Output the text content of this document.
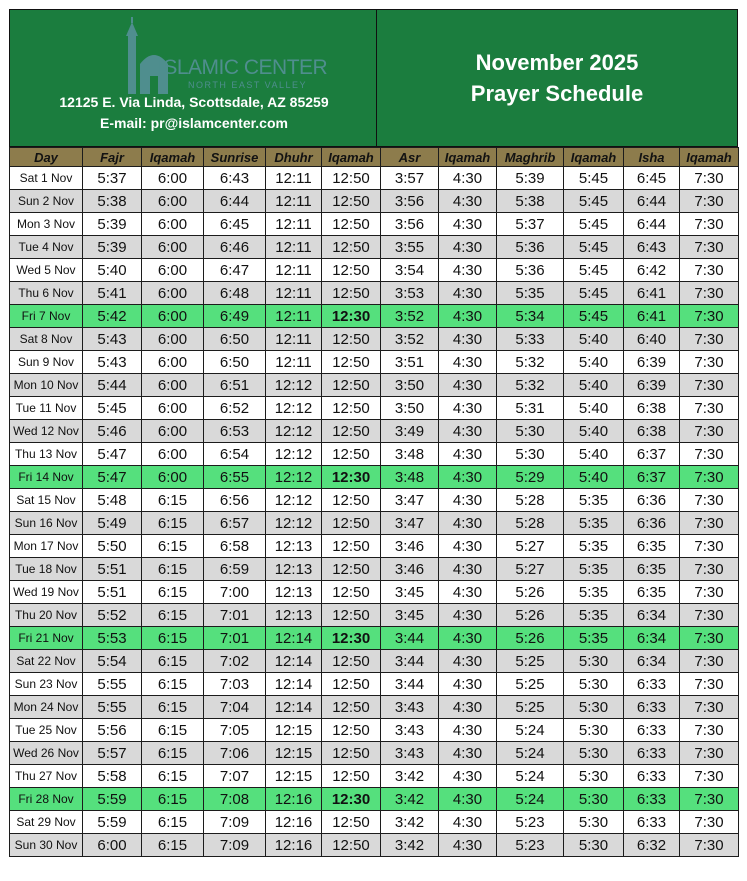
ISLAMIC CENTER
NORTH EAST VALLEY
12125 E. Via Linda, Scottsdale, AZ 85259
E-mail: pr@islamcenter.com
November 2025
Prayer Schedule
Day	Fajr	Iqamah	Sunrise	Dhuhr	Iqamah	Asr	Iqamah	Maghrib	Iqamah	Isha	Iqamah
Sat 1 Nov	5:37	6:00	6:43	12:11	12:50	3:57	4:30	5:39	5:45	6:45	7:30
Sun 2 Nov	5:38	6:00	6:44	12:11	12:50	3:56	4:30	5:38	5:45	6:44	7:30
Mon 3 Nov	5:39	6:00	6:45	12:11	12:50	3:56	4:30	5:37	5:45	6:44	7:30
Tue 4 Nov	5:39	6:00	6:46	12:11	12:50	3:55	4:30	5:36	5:45	6:43	7:30
Wed 5 Nov	5:40	6:00	6:47	12:11	12:50	3:54	4:30	5:36	5:45	6:42	7:30
Thu 6 Nov	5:41	6:00	6:48	12:11	12:50	3:53	4:30	5:35	5:45	6:41	7:30
Fri 7 Nov	5:42	6:00	6:49	12:11	12:30	3:52	4:30	5:34	5:45	6:41	7:30
Sat 8 Nov	5:43	6:00	6:50	12:11	12:50	3:52	4:30	5:33	5:40	6:40	7:30
Sun 9 Nov	5:43	6:00	6:50	12:11	12:50	3:51	4:30	5:32	5:40	6:39	7:30
Mon 10 Nov	5:44	6:00	6:51	12:12	12:50	3:50	4:30	5:32	5:40	6:39	7:30
Tue 11 Nov	5:45	6:00	6:52	12:12	12:50	3:50	4:30	5:31	5:40	6:38	7:30
Wed 12 Nov	5:46	6:00	6:53	12:12	12:50	3:49	4:30	5:30	5:40	6:38	7:30
Thu 13 Nov	5:47	6:00	6:54	12:12	12:50	3:48	4:30	5:30	5:40	6:37	7:30
Fri 14 Nov	5:47	6:00	6:55	12:12	12:30	3:48	4:30	5:29	5:40	6:37	7:30
Sat 15 Nov	5:48	6:15	6:56	12:12	12:50	3:47	4:30	5:28	5:35	6:36	7:30
Sun 16 Nov	5:49	6:15	6:57	12:12	12:50	3:47	4:30	5:28	5:35	6:36	7:30
Mon 17 Nov	5:50	6:15	6:58	12:13	12:50	3:46	4:30	5:27	5:35	6:35	7:30
Tue 18 Nov	5:51	6:15	6:59	12:13	12:50	3:46	4:30	5:27	5:35	6:35	7:30
Wed 19 Nov	5:51	6:15	7:00	12:13	12:50	3:45	4:30	5:26	5:35	6:35	7:30
Thu 20 Nov	5:52	6:15	7:01	12:13	12:50	3:45	4:30	5:26	5:35	6:34	7:30
Fri 21 Nov	5:53	6:15	7:01	12:14	12:30	3:44	4:30	5:26	5:35	6:34	7:30
Sat 22 Nov	5:54	6:15	7:02	12:14	12:50	3:44	4:30	5:25	5:30	6:34	7:30
Sun 23 Nov	5:55	6:15	7:03	12:14	12:50	3:44	4:30	5:25	5:30	6:33	7:30
Mon 24 Nov	5:55	6:15	7:04	12:14	12:50	3:43	4:30	5:25	5:30	6:33	7:30
Tue 25 Nov	5:56	6:15	7:05	12:15	12:50	3:43	4:30	5:24	5:30	6:33	7:30
Wed 26 Nov	5:57	6:15	7:06	12:15	12:50	3:43	4:30	5:24	5:30	6:33	7:30
Thu 27 Nov	5:58	6:15	7:07	12:15	12:50	3:42	4:30	5:24	5:30	6:33	7:30
Fri 28 Nov	5:59	6:15	7:08	12:16	12:30	3:42	4:30	5:24	5:30	6:33	7:30
Sat 29 Nov	5:59	6:15	7:09	12:16	12:50	3:42	4:30	5:23	5:30	6:33	7:30
Sun 30 Nov	6:00	6:15	7:09	12:16	12:50	3:42	4:30	5:23	5:30	6:32	7:30
